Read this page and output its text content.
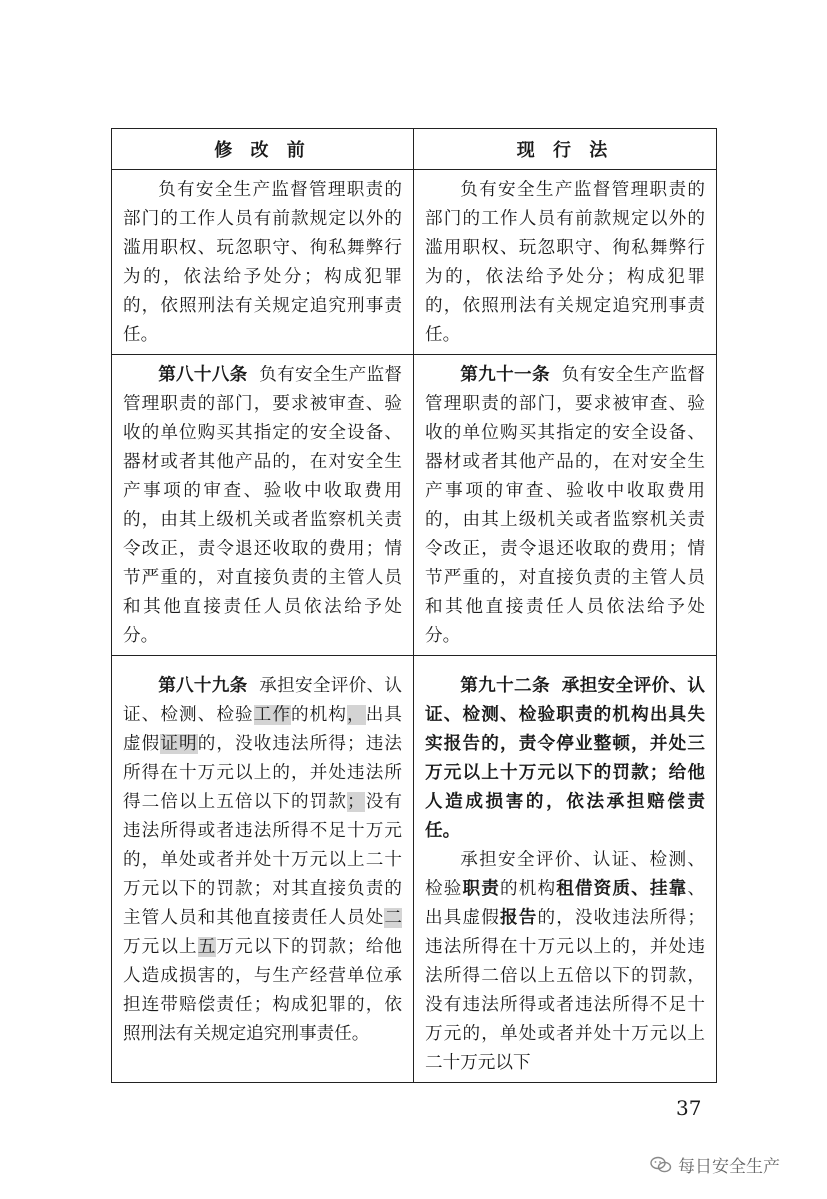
修 改 前	现 行 法

负有安全生产监督管理职责的部门的工作人员有前款规定以外的滥用职权、玩忽职守、徇私舞弊行为的，依法给予处分；构成犯罪的，依照刑法有关规定追究刑事责任。	负有安全生产监督管理职责的部门的工作人员有前款规定以外的滥用职权、玩忽职守、徇私舞弊行为的，依法给予处分；构成犯罪的，依照刑法有关规定追究刑事责任。

第八十八条 负有安全生产监督管理职责的部门，要求被审查、验收的单位购买其指定的安全设备、器材或者其他产品的，在对安全生产事项的审查、验收中收取费用的，由其上级机关或者监察机关责令改正，责令退还收取的费用；情节严重的，对直接负责的主管人员和其他直接责任人员依法给予处分。	第九十一条 负有安全生产监督管理职责的部门，要求被审查、验收的单位购买其指定的安全设备、器材或者其他产品的，在对安全生产事项的审查、验收中收取费用的，由其上级机关或者监察机关责令改正，责令退还收取的费用；情节严重的，对直接负责的主管人员和其他直接责任人员依法给予处分。

第八十九条 承担安全评价、认证、检测、检验工作的机构，出具虚假证明的，没收违法所得；违法所得在十万元以上的，并处违法所得二倍以上五倍以下的罚款；没有违法所得或者违法所得不足十万元的，单处或者并处十万元以上二十万元以下的罚款；对其直接负责的主管人员和其他直接责任人员处二万元以上五万元以下的罚款；给他人造成损害的，与生产经营单位承担连带赔偿责任；构成犯罪的，依照刑法有关规定追究刑事责任。	第九十二条 承担安全评价、认证、检测、检验职责的机构出具失实报告的，责令停业整顿，并处三万元以上十万元以下的罚款；给他人造成损害的，依法承担赔偿责任。

承担安全评价、认证、检测、检验职责的机构租借资质、挂靠、出具虚假报告的，没收违法所得；违法所得在十万元以上的，并处违法所得二倍以上五倍以下的罚款，没有违法所得或者违法所得不足十万元的，单处或者并处十万元以上二十万元以下

37
每日安全生产
